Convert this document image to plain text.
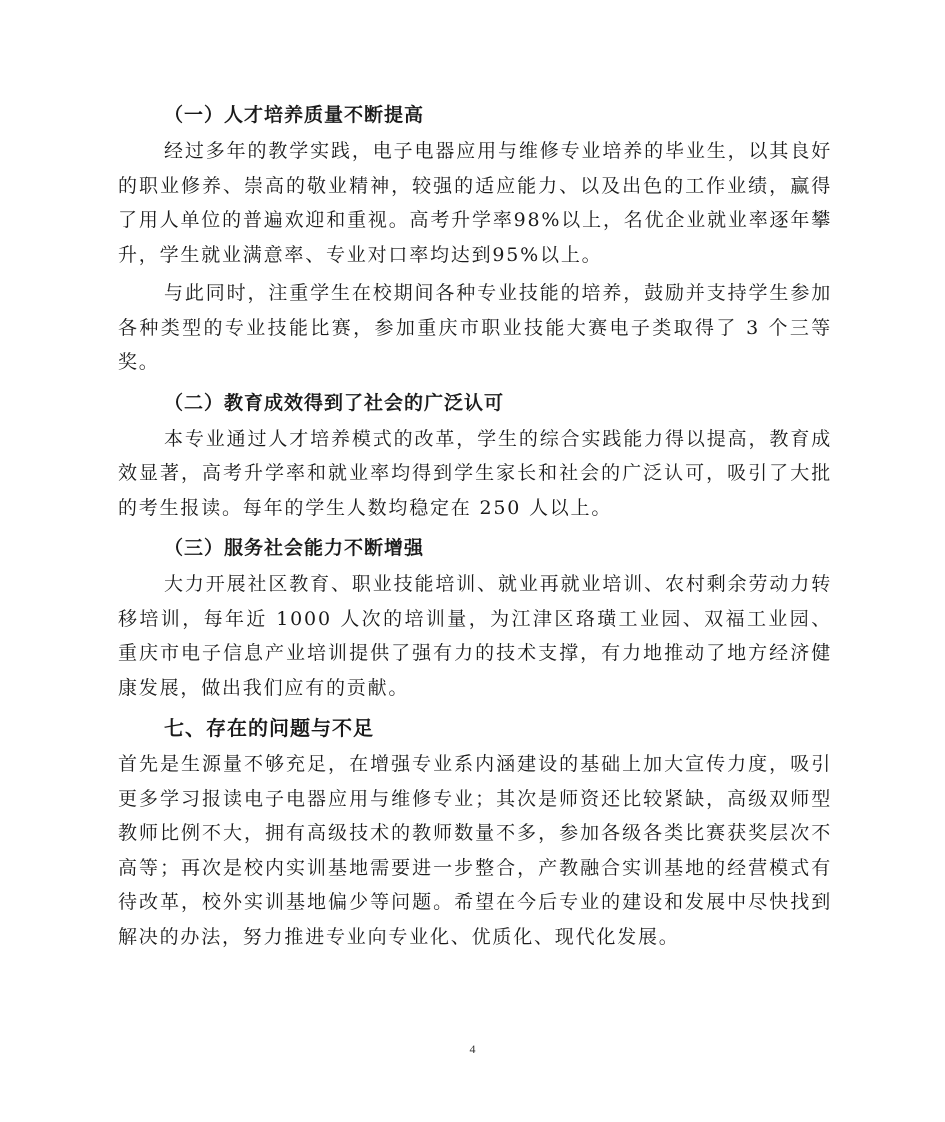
（一）人才培养质量不断提高

经过多年的教学实践，电子电器应用与维修专业培养的毕业生，以其良好的职业修养、崇高的敬业精神，较强的适应能力、以及出色的工作业绩，赢得了用人单位的普遍欢迎和重视。高考升学率98%以上，名优企业就业率逐年攀升，学生就业满意率、专业对口率均达到95%以上。

与此同时，注重学生在校期间各种专业技能的培养，鼓励并支持学生参加各种类型的专业技能比赛，参加重庆市职业技能大赛电子类取得了 3 个三等奖。

（二）教育成效得到了社会的广泛认可

本专业通过人才培养模式的改革，学生的综合实践能力得以提高，教育成效显著，高考升学率和就业率均得到学生家长和社会的广泛认可，吸引了大批的考生报读。每年的学生人数均稳定在 250 人以上。

（三）服务社会能力不断增强

大力开展社区教育、职业技能培训、就业再就业培训、农村剩余劳动力转移培训，每年近 1000 人次的培训量，为江津区珞璜工业园、双福工业园、重庆市电子信息产业培训提供了强有力的技术支撑，有力地推动了地方经济健康发展，做出我们应有的贡献。

七、存在的问题与不足

首先是生源量不够充足，在增强专业系内涵建设的基础上加大宣传力度，吸引更多学习报读电子电器应用与维修专业；其次是师资还比较紧缺，高级双师型教师比例不大，拥有高级技术的教师数量不多，参加各级各类比赛获奖层次不高等；再次是校内实训基地需要进一步整合，产教融合实训基地的经营模式有待改革，校外实训基地偏少等问题。希望在今后专业的建设和发展中尽快找到解决的办法，努力推进专业向专业化、优质化、现代化发展。

4
